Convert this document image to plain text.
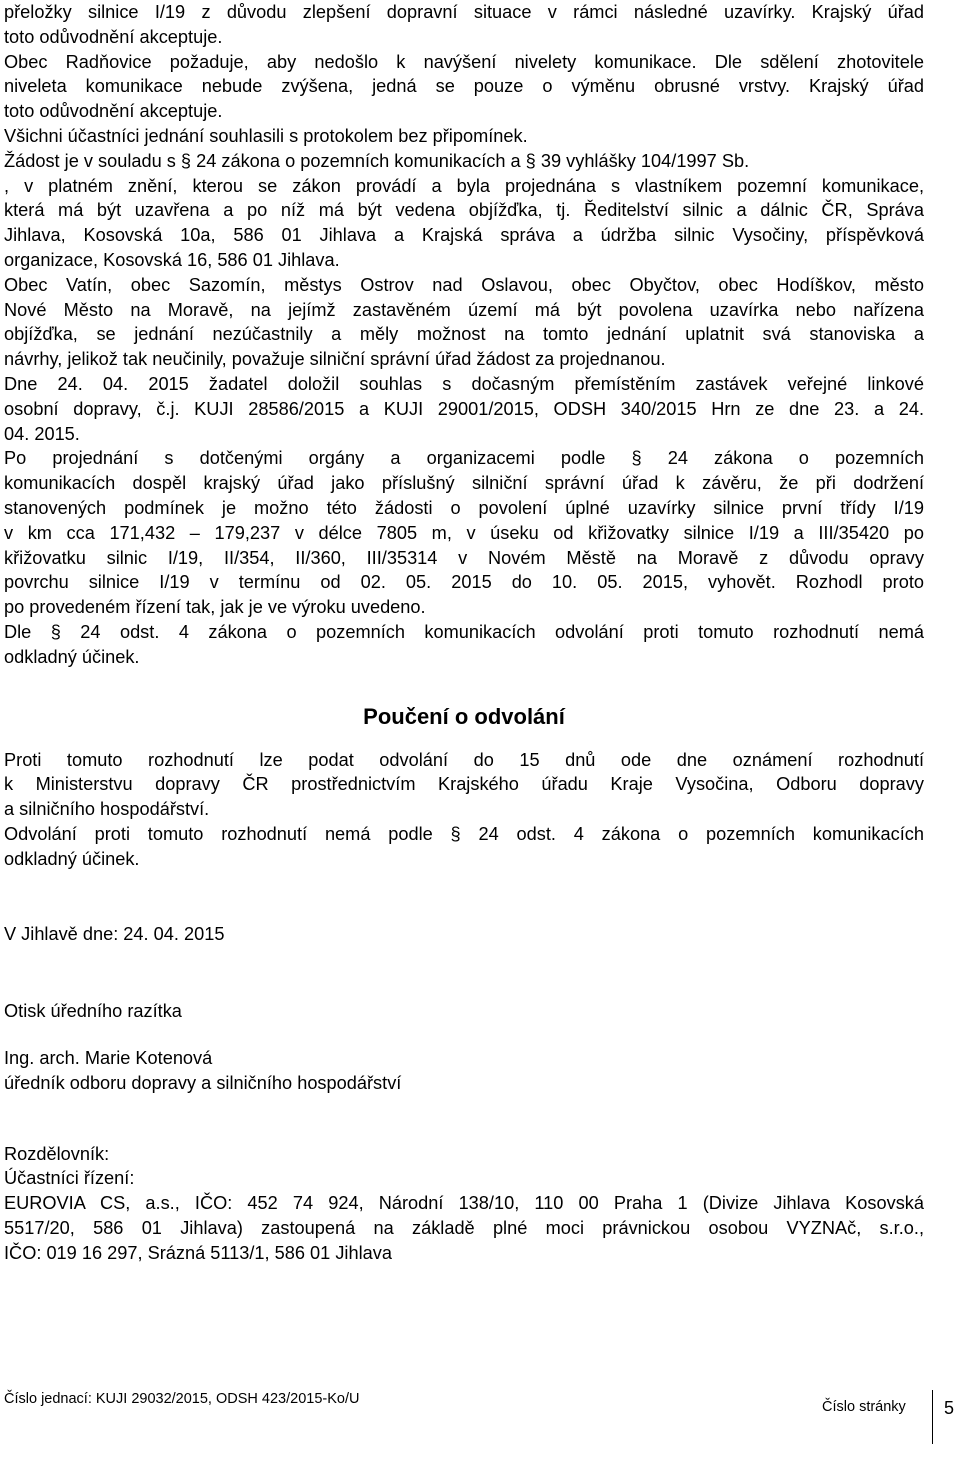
přeložky silnice I/19 z důvodu zlepšení dopravní situace v rámci následné uzavírky. Krajský úřad
toto odůvodnění akceptuje.
Obec Radňovice požaduje, aby nedošlo k navýšení nivelety komunikace. Dle sdělení zhotovitele
niveleta komunikace nebude zvýšena, jedná se pouze o výměnu obrusné vrstvy. Krajský úřad
toto odůvodnění akceptuje.
Všichni účastníci jednání souhlasili s protokolem bez připomínek.
Žádost je v souladu s § 24 zákona o pozemních komunikacích a § 39 vyhlášky 104/1997 Sb.
, v platném znění, kterou se zákon provádí a byla projednána s vlastníkem pozemní komunikace,
která má být uzavřena a po níž má být vedena objížďka, tj. Ředitelství silnic a dálnic ČR, Správa
Jihlava, Kosovská 10a, 586 01 Jihlava a Krajská správa a údržba silnic Vysočiny, příspěvková
organizace, Kosovská 16, 586 01 Jihlava.
Obec Vatín, obec Sazomín, městys Ostrov nad Oslavou, obec Obyčtov, obec Hodíškov, město
Nové Město na Moravě, na jejímž zastavěném území má být povolena uzavírka nebo nařízena
objížďka, se jednání nezúčastnily a měly možnost na tomto jednání uplatnit svá stanoviska a
návrhy, jelikož tak neučinily, považuje silniční správní úřad žádost za projednanou.
Dne 24. 04. 2015 žadatel doložil souhlas s dočasným přemístěním zastávek veřejné linkové
osobní dopravy, č.j. KUJI 28586/2015 a KUJI 29001/2015, ODSH 340/2015 Hrn ze dne 23. a 24.
04. 2015.
Po projednání s dotčenými orgány a organizacemi podle § 24 zákona o pozemních
komunikacích dospěl krajský úřad jako příslušný silniční správní úřad k závěru, že při dodržení
stanovených podmínek je možno této žádosti o povolení úplné uzavírky silnice první třídy I/19
v km cca 171,432 – 179,237 v délce 7805 m, v úseku od křižovatky silnice I/19 a III/35420 po
křižovatku silnic I/19, II/354, II/360, III/35314 v Novém Městě na Moravě z důvodu opravy
povrchu silnice I/19 v termínu od 02. 05. 2015 do 10. 05. 2015, vyhovět. Rozhodl proto
po provedeném řízení tak, jak je ve výroku uvedeno.
Dle § 24 odst. 4 zákona o pozemních komunikacích odvolání proti tomuto rozhodnutí nemá
odkladný účinek.
Poučení o odvolání
Proti tomuto rozhodnutí lze podat odvolání do 15 dnů ode dne oznámení rozhodnutí
k Ministerstvu dopravy ČR prostřednictvím Krajského úřadu Kraje Vysočina, Odboru dopravy
a silničního hospodářství.
Odvolání proti tomuto rozhodnutí nemá podle § 24 odst. 4 zákona o pozemních komunikacích
odkladný účinek.
V Jihlavě dne: 24. 04. 2015
Otisk úředního razítka
Ing. arch. Marie Kotenová
úředník odboru dopravy a silničního hospodářství
Rozdělovník:
Účastníci řízení:
EUROVIA CS, a.s., IČO: 452 74 924, Národní 138/10, 110 00 Praha 1 (Divize Jihlava Kosovská
5517/20, 586 01 Jihlava) zastoupená na základě plné moci právnickou osobou VYZNAč, s.r.o.,
IČO: 019 16 297, Srázná 5113/1, 586 01 Jihlava
Číslo jednací: KUJI 29032/2015, ODSH 423/2015-Ko/U	Číslo stránky 5
